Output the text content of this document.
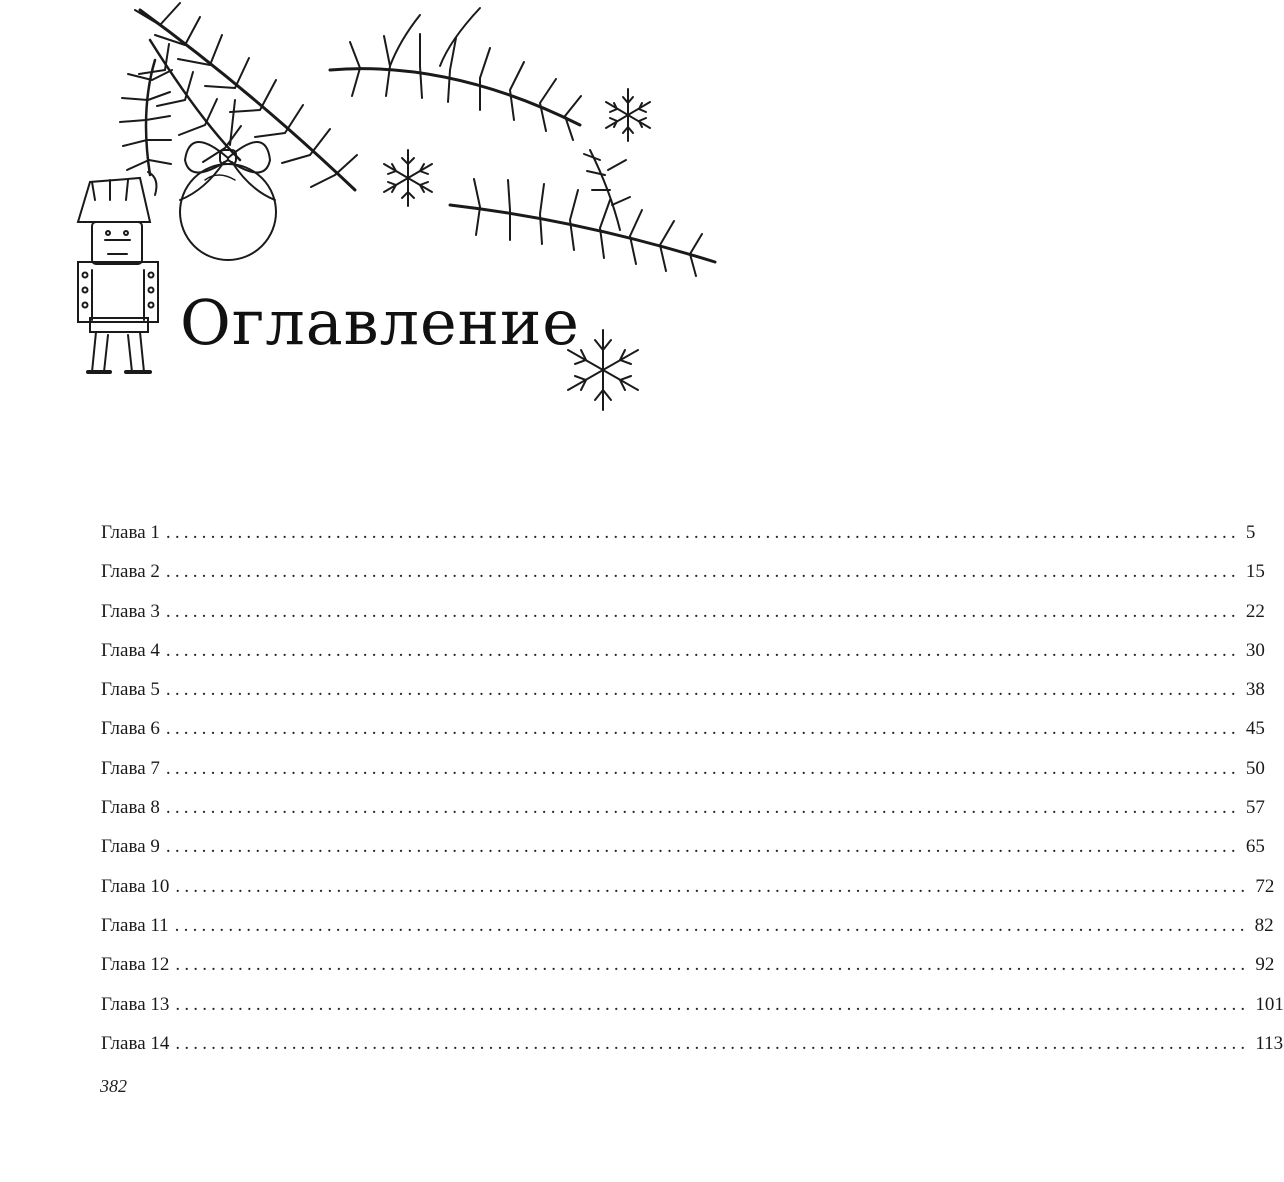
Оглавление
Глава 1 ........................................................................................................................ 5
Глава 2 ........................................................................................................................ 15
Глава 3 ........................................................................................................................ 22
Глава 4 ........................................................................................................................ 30
Глава 5 ........................................................................................................................ 38
Глава 6 ........................................................................................................................ 45
Глава 7 ........................................................................................................................ 50
Глава 8 ........................................................................................................................ 57
Глава 9 ........................................................................................................................ 65
Глава 10 ........................................................................................................................ 72
Глава 11 ........................................................................................................................ 82
Глава 12 ........................................................................................................................ 92
Глава 13 ........................................................................................................................ 101
Глава 14 ........................................................................................................................ 113
382
